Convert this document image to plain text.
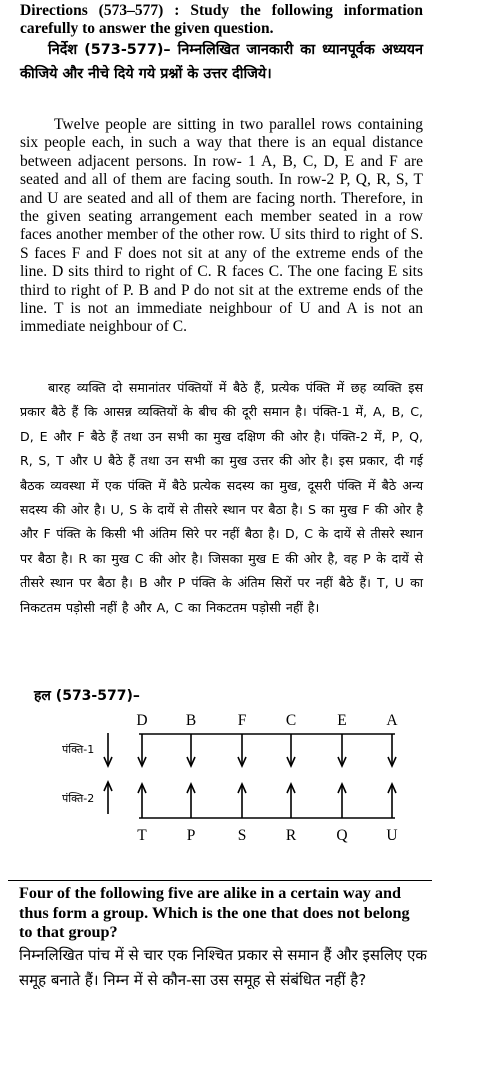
Directions (573–577) : Study the following information carefully to answer the given question.
निर्देश (573-577)– निम्नलिखित जानकारी का ध्यानपूर्वक अध्ययन कीजिये और नीचे दिये गये प्रश्नों के उत्तर दीजिये।
Twelve people are sitting in two parallel rows containing six people each, in such a way that there is an equal distance between adjacent persons. In row- 1 A, B, C, D, E and F are seated and all of them are facing south. In row-2 P, Q, R, S, T and U are seated and all of them are facing north. Therefore, in the given seating arrangement each member seated in a row faces another member of the other row. U sits third to right of S. S faces F and F does not sit at any of the extreme ends of the line. D sits third to right of C. R faces C. The one facing E sits third to right of P. B and P do not sit at the extreme ends of the line. T is not an immediate neighbour of U and A is not an immediate neighbour of C.
बारह व्यक्ति दो समानांतर पंक्तियों में बैठे हैं, प्रत्येक पंक्ति में छह व्यक्ति इस प्रकार बैठे हैं कि आसन्न व्यक्तियों के बीच की दूरी समान है। पंक्ति-1 में, A, B, C, D, E और F बैठे हैं तथा उन सभी का मुख दक्षिण की ओर है। पंक्ति-2 में, P, Q, R, S, T और U बैठे हैं तथा उन सभी का मुख उत्तर की ओर है। इस प्रकार, दी गई बैठक व्यवस्था में एक पंक्ति में बैठे प्रत्येक सदस्य का मुख, दूसरी पंक्ति में बैठे अन्य सदस्य की ओर है। U, S के दायें से तीसरे स्थान पर बैठा है। S का मुख F की ओर है और F पंक्ति के किसी भी अंतिम सिरे पर नहीं बैठा है। D, C के दायें से तीसरे स्थान पर बैठा है। R का मुख C की ओर है। जिसका मुख E की ओर है, वह P के दायें से तीसरे स्थान पर बैठा है। B और P पंक्ति के अंतिम सिरों पर नहीं बैठे हैं। T, U का निकटतम पड़ोसी नहीं है और A, C का निकटतम पड़ोसी नहीं है।
हल (573-577)–
पंक्ति-1
पंक्ति-2
D B	F	C	E	A
T	P	S	R	Q	U
Four of the following five are alike in a certain way and thus form a group. Which is the one that does not belong to that group?
निम्नलिखित पांच में से चार एक निश्चित प्रकार से समान हैं और इसलिए एक समूह बनाते हैं। निम्न में से कौन-सा उस समूह से संबंधित नहीं है?
